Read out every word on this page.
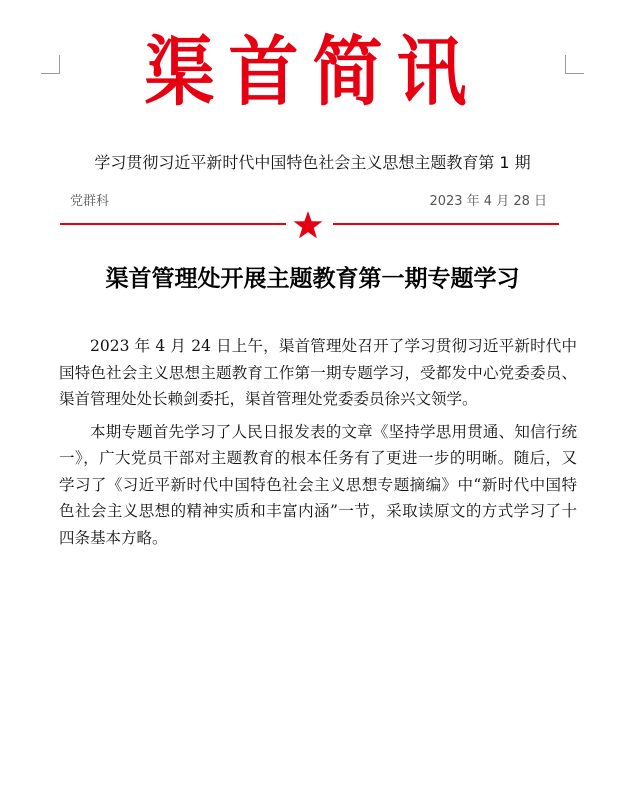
渠首简讯
学习贯彻习近平新时代中国特色社会主义思想主题教育第 1 期
党群科	2023 年 4 月 28 日
渠首管理处开展主题教育第一期专题学习

2023 年 4 月 24 日上午，渠首管理处召开了学习贯彻习近平新时代中国特色社会主义思想主题教育工作第一期专题学习，受都发中心党委委员、渠首管理处处长赖剑委托，渠首管理处党委委员徐兴文领学。

本期专题首先学习了人民日报发表的文章《坚持学思用贯通、知信行统一》，广大党员干部对主题教育的根本任务有了更进一步的明晰。随后，又学习了《习近平新时代中国特色社会主义思想专题摘编》中“新时代中国特色社会主义思想的精神实质和丰富内涵”一节，采取读原文的方式学习了十四条基本方略。
